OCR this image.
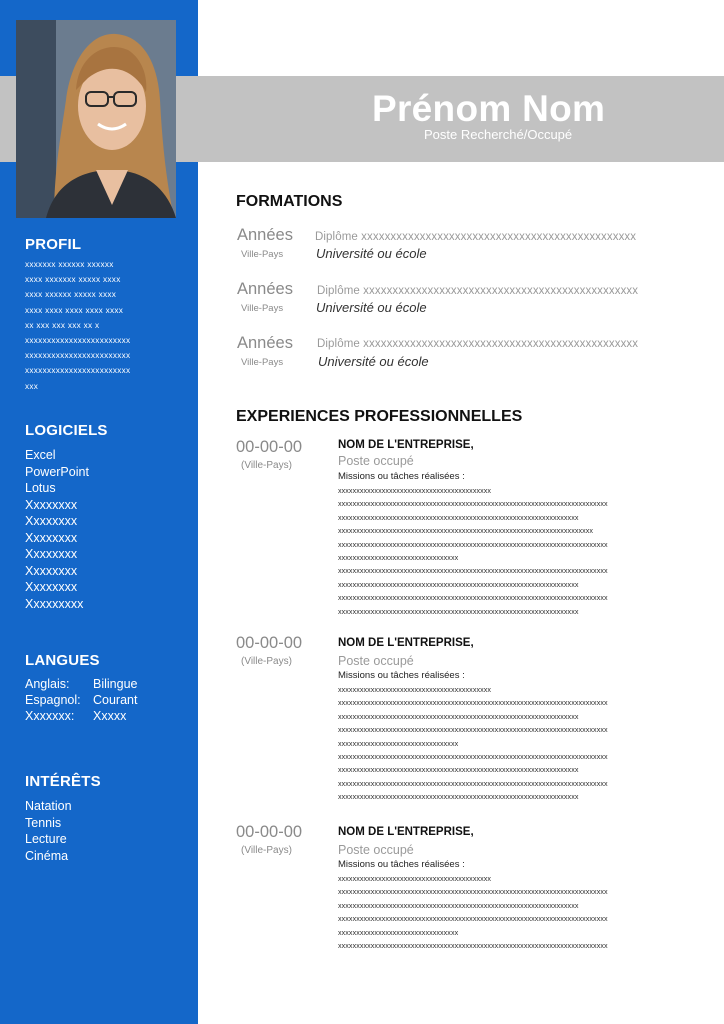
Prénom Nom
Poste Recherché/Occupé
PROFIL
xxxxxxx xxxxxx xxxxxx
xxxx xxxxxxx xxxxx xxxx
xxxx xxxxxx xxxxx xxxx
xxxx xxxx xxxx xxxx xxxx
xx xxx xxx xxx xx x
xxxxxxxxxxxxxxxxxxxxxxxx
xxxxxxxxxxxxxxxxxxxxxxxx
xxxxxxxxxxxxxxxxxxxxxxxx
xxx
LOGICIELS
Excel
PowerPoint
Lotus
Xxxxxxxx
Xxxxxxxx
Xxxxxxxx
Xxxxxxxx
Xxxxxxxx
Xxxxxxxx
Xxxxxxxxx
LANGUES
Anglais: Bilingue
Espagnol: Courant
Xxxxxxx: Xxxxx
INTÉRÊTS
Natation
Tennis
Lecture
Cinéma
FORMATIONS
Années
Ville-Pays
Diplôme xxxxxxxxxxxxxxxxxxxxxxxxxxxxxxxxxxxxxxxxxxxxxxx
Université ou école
Années
Ville-Pays
Diplôme xxxxxxxxxxxxxxxxxxxxxxxxxxxxxxxxxxxxxxxxxxxxxxx
Université ou école
Années
Ville-Pays
Diplôme xxxxxxxxxxxxxxxxxxxxxxxxxxxxxxxxxxxxxxxxxxxxxxx
Université ou école
EXPERIENCES PROFESSIONNELLES
00-00-00
(Ville-Pays)
NOM DE L'ENTREPRISE,
Poste occupé
Missions ou tâches réalisées :
xxxxxxxxxxxxxxxxxxxxxxxxxxxxxxxxxxxxxxxxxx
xxxxxxxxxxxxxxxxxxxxxxxxxxxxxxxxxxxxxxxxxxxxxxxxxxxxxxxxxxxxxxxxxxxxxxxxxx
xxxxxxxxxxxxxxxxxxxxxxxxxxxxxxxxxxxxxxxxxxxxxxxxxxxxxxxxxxxxxxxxxx
xxxxxxxxxxxxxxxxxxxxxxxxxxxxxxxxxxxxxxxxxxxxxxxxxxxxxxxxxxxxxxxxxxxxxx
xxxxxxxxxxxxxxxxxxxxxxxxxxxxxxxxxxxxxxxxxxxxxxxxxxxxxxxxxxxxxxxxxxxxxxxxxx
xxxxxxxxxxxxxxxxxxxxxxxxxxxxxxxxx
xxxxxxxxxxxxxxxxxxxxxxxxxxxxxxxxxxxxxxxxxxxxxxxxxxxxxxxxxxxxxxxxxxxxxxxxxx
xxxxxxxxxxxxxxxxxxxxxxxxxxxxxxxxxxxxxxxxxxxxxxxxxxxxxxxxxxxxxxxxxx
xxxxxxxxxxxxxxxxxxxxxxxxxxxxxxxxxxxxxxxxxxxxxxxxxxxxxxxxxxxxxxxxxxxxxxxxxx
xxxxxxxxxxxxxxxxxxxxxxxxxxxxxxxxxxxxxxxxxxxxxxxxxxxxxxxxxxxxxxxxxx
00-00-00
(Ville-Pays)
NOM DE L'ENTREPRISE,
Poste occupé
Missions ou tâches réalisées :
xxxxxxxxxxxxxxxxxxxxxxxxxxxxxxxxxxxxxxxxxx
xxxxxxxxxxxxxxxxxxxxxxxxxxxxxxxxxxxxxxxxxxxxxxxxxxxxxxxxxxxxxxxxxxxxxxxxxx
xxxxxxxxxxxxxxxxxxxxxxxxxxxxxxxxxxxxxxxxxxxxxxxxxxxxxxxxxxxxxxxxxx
xxxxxxxxxxxxxxxxxxxxxxxxxxxxxxxxxxxxxxxxxxxxxxxxxxxxxxxxxxxxxxxxxxxxxxxxxx
xxxxxxxxxxxxxxxxxxxxxxxxxxxxxxxxx
xxxxxxxxxxxxxxxxxxxxxxxxxxxxxxxxxxxxxxxxxxxxxxxxxxxxxxxxxxxxxxxxxxxxxxxxxx
xxxxxxxxxxxxxxxxxxxxxxxxxxxxxxxxxxxxxxxxxxxxxxxxxxxxxxxxxxxxxxxxxx
xxxxxxxxxxxxxxxxxxxxxxxxxxxxxxxxxxxxxxxxxxxxxxxxxxxxxxxxxxxxxxxxxxxxxxxxxx
xxxxxxxxxxxxxxxxxxxxxxxxxxxxxxxxxxxxxxxxxxxxxxxxxxxxxxxxxxxxxxxxxx
00-00-00
(Ville-Pays)
NOM DE L'ENTREPRISE,
Poste occupé
Missions ou tâches réalisées :
xxxxxxxxxxxxxxxxxxxxxxxxxxxxxxxxxxxxxxxxxx
xxxxxxxxxxxxxxxxxxxxxxxxxxxxxxxxxxxxxxxxxxxxxxxxxxxxxxxxxxxxxxxxxxxxxxxxxx
xxxxxxxxxxxxxxxxxxxxxxxxxxxxxxxxxxxxxxxxxxxxxxxxxxxxxxxxxxxxxxxxxx
xxxxxxxxxxxxxxxxxxxxxxxxxxxxxxxxxxxxxxxxxxxxxxxxxxxxxxxxxxxxxxxxxxxxxxxxxx
xxxxxxxxxxxxxxxxxxxxxxxxxxxxxxxxx
xxxxxxxxxxxxxxxxxxxxxxxxxxxxxxxxxxxxxxxxxxxxxxxxxxxxxxxxxxxxxxxxxxxxxxxxxx
